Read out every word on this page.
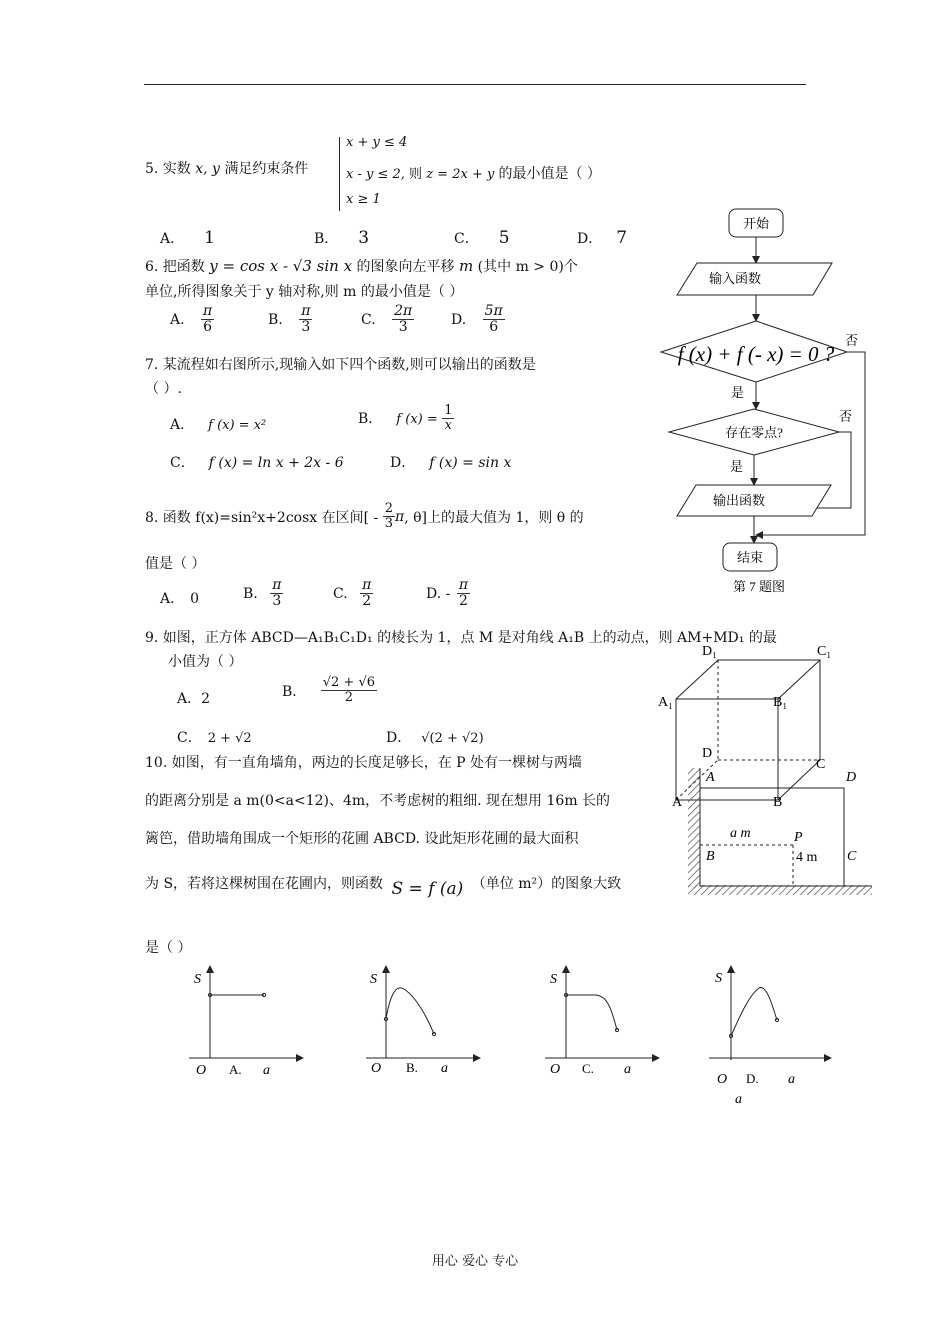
5. 实数 x, y 满足约束条件
x + y ≤ 4
x - y ≤ 2, 则 z = 2x + y 的最小值是（ ）
x ≥ 1
A． 1	B． 3	C． 5	D． 7
6. 把函数 y = cos x - √3 sin x 的图象向左平移 m (其中 m > 0)个
单位,所得图象关于 y 轴对称,则 m 的最小值是（ ）
A. $\frac{\pi}{6}$	B. $\frac{\pi}{3}$	C. $\frac{2\pi}{3}$	D. $\frac{5\pi}{6}$
7. 某流程如右图所示,现输入如下四个函数,则可以输出的函数是
（ ）.
A． f (x) = x²	B． f $(x) = \frac{1}{x}$
C． f (x) = ln x + 2x - 6	D． f (x) = sin x
开始
输入函数
f (x) + f (- x) = 0 ?
否
是
存在零点?
否
是
输出函数
结束
第 7 题图
8. 函数 f(x)=sin²x+2cosx 在区间[ - $\frac{2}{3} \pi$, θ]上的最大值为 1，则 θ 的
值是（ ）
A． 0	B. $\frac{\pi}{3}$	C. $\frac{\pi}{2}$	D. - $\frac{\pi}{2}$
9. 如图，正方体 ABCD—A₁B₁C₁D₁ 的棱长为 1，点 M 是对角线 A₁B 上的动点，则 AM+MD₁ 的最
小值为（ ）
A．2	B． $\frac{√2 + √6}{2}$
C． 2 + √2	D． √(2 + √2)
D₁	C₁
A₁	B₁
D
C
A	B
10. 如图，有一直角墙角，两边的长度足够长，在 P 处有一棵树与两墙
的距离分别是 a m(0<a<12)、4m，不考虑树的粗细. 现在想用 16m 长的
篱笆，借助墙角围成一个矩形的花圃 ABCD. 设此矩形花圃的最大面积
为 S，若将这棵树围在花圃内，则函数 S = f (a) （单位 m²）的图象大致
是（ ）
A	D
a m	P
B	4 m C
S
O A. a
S
O B. a
S
O C. a
S
O D. a
a
用心 爱心 专心
